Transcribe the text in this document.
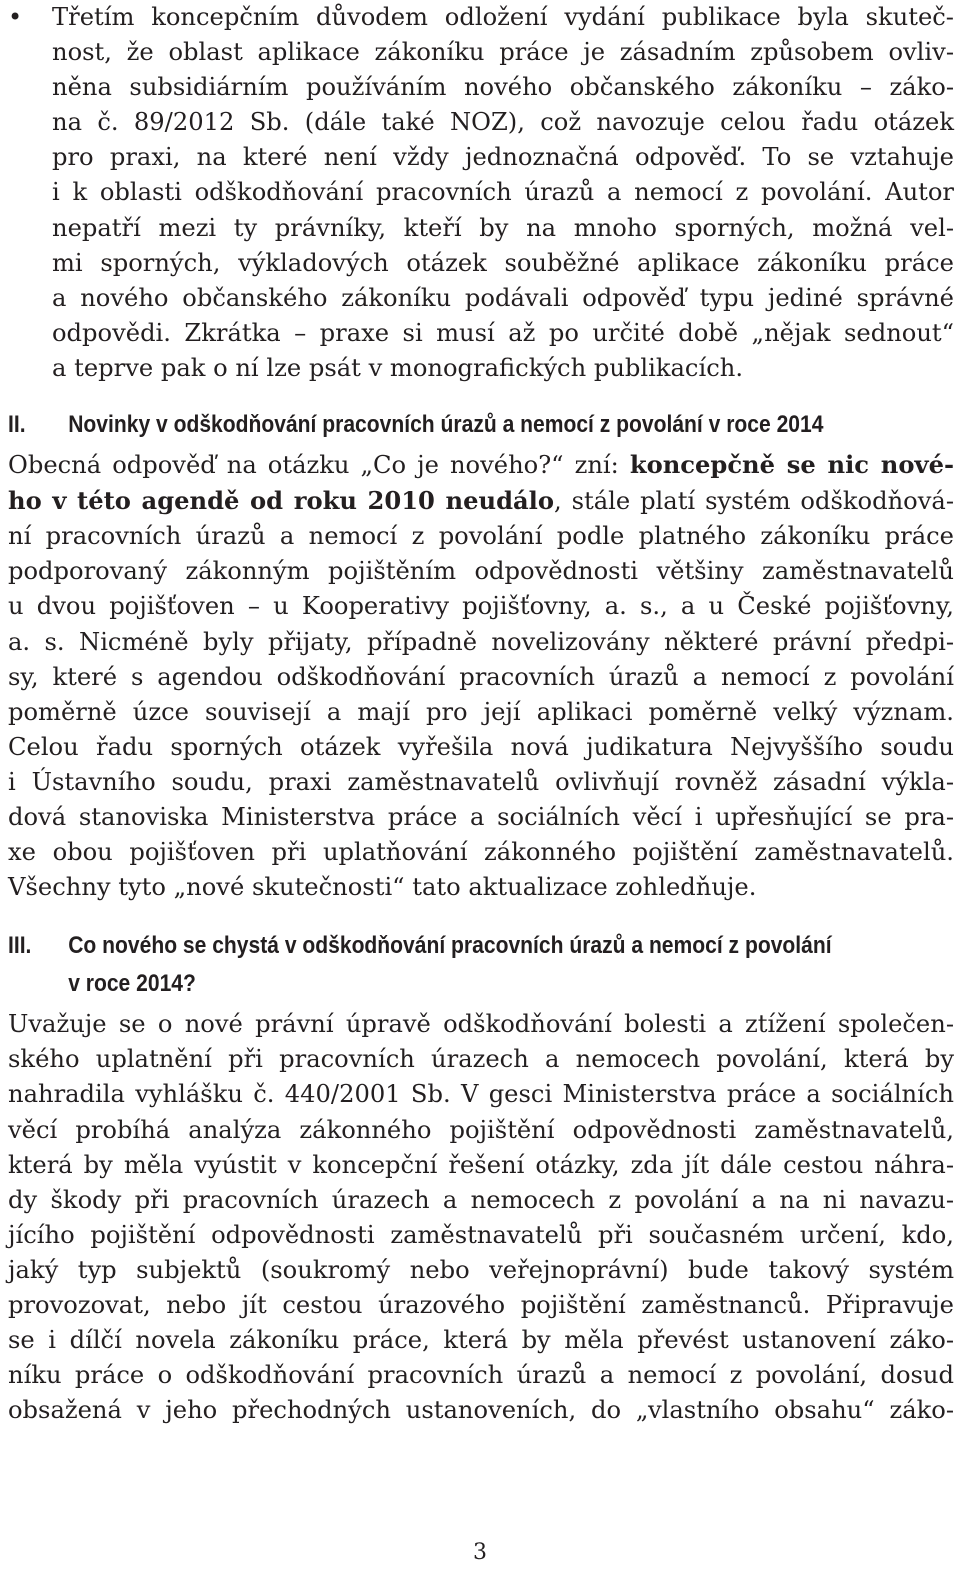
• Třetím koncepčním důvodem odložení vydání publikace byla skuteč-
nost, že oblast aplikace zákoníku práce je zásadním způsobem ovliv-
něna subsidiárním používáním nového občanského zákoníku – záko-
na č. 89/2012 Sb. (dále také NOZ), což navozuje celou řadu otázek
pro praxi, na které není vždy jednoznačná odpověď. To se vztahuje
i k oblasti odškodňování pracovních úrazů a nemocí z povolání. Autor
nepatří mezi ty právníky, kteří by na mnoho sporných, možná vel-
mi sporných, výkladových otázek souběžné aplikace zákoníku práce
a nového občanského zákoníku podávali odpověď typu jediné správné
odpovědi. Zkrátka – praxe si musí až po určité době „nějak sednout“
a teprve pak o ní lze psát v monografických publikacích.
II.	Novinky v odškodňování pracovních úrazů a nemocí z povolání v roce 2014
Obecná odpověď na otázku „Co je nového?“ zní: koncepčně se nic nové-
ho v této agendě od roku 2010 neudálo, stále platí systém odškodňová-
ní pracovních úrazů a nemocí z povolání podle platného zákoníku práce
podporovaný zákonným pojištěním odpovědnosti většiny zaměstnavatelů
u dvou pojišťoven – u Kooperativy pojišťovny, a. s., a u České pojišťovny,
a. s. Nicméně byly přijaty, případně novelizovány některé právní předpi-
sy, které s agendou odškodňování pracovních úrazů a nemocí z povolání
poměrně úzce souvisejí a mají pro její aplikaci poměrně velký význam.
Celou řadu sporných otázek vyřešila nová judikatura Nejvyššího soudu
i Ústavního soudu, praxi zaměstnavatelů ovlivňují rovněž zásadní výkla-
dová stanoviska Ministerstva práce a sociálních věcí i upřesňující se pra-
xe obou pojišťoven při uplatňování zákonného pojištění zaměstnavatelů.
Všechny tyto „nové skutečnosti“ tato aktualizace zohledňuje.
III.	Co nového se chystá v odškodňování pracovních úrazů a nemocí z povolání
v roce 2014?
Uvažuje se o nové právní úpravě odškodňování bolesti a ztížení společen-
ského uplatnění při pracovních úrazech a nemocech povolání, která by
nahradila vyhlášku č. 440/2001 Sb. V gesci Ministerstva práce a sociálních
věcí probíhá analýza zákonného pojištění odpovědnosti zaměstnavatelů,
která by měla vyústit v koncepční řešení otázky, zda jít dále cestou náhra-
dy škody při pracovních úrazech a nemocech z povolání a na ni navazu-
jícího pojištění odpovědnosti zaměstnavatelů při současném určení, kdo,
jaký typ subjektů (soukromý nebo veřejnoprávní) bude takový systém
provozovat, nebo jít cestou úrazového pojištění zaměstnanců. Připravuje
se i dílčí novela zákoníku práce, která by měla převést ustanovení záko-
níku práce o odškodňování pracovních úrazů a nemocí z povolání, dosud
obsažená v jeho přechodných ustanoveních, do „vlastního obsahu“ záko-
3
